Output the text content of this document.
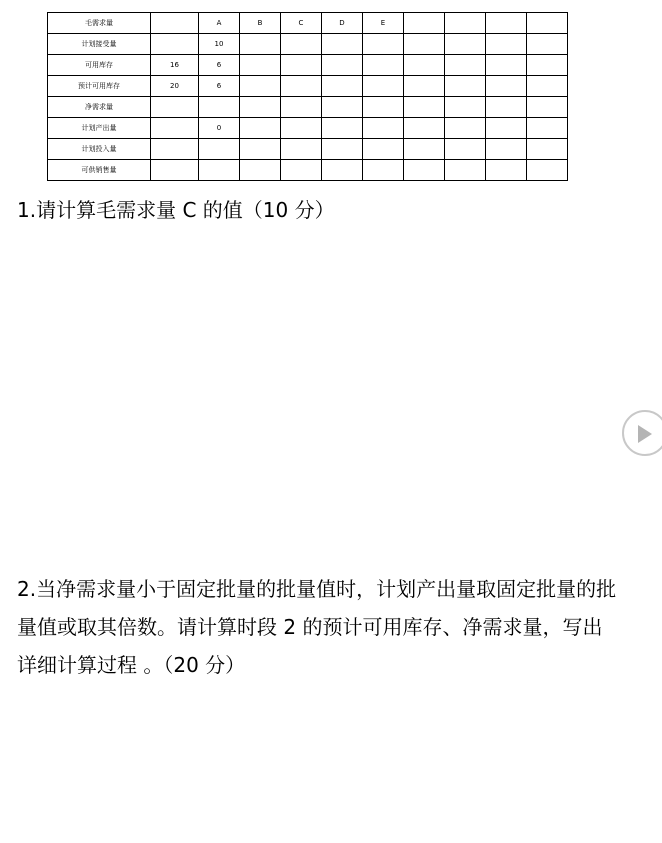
毛需求量		A	B	C	D	E				
计划接受量		10								
可用库存	16	6								
预计可用库存	20	6								
净需求量										
计划产出量		0								
计划投入量										
可供销售量										

1.请计算毛需求量 C 的值（10 分）

2.当净需求量小于固定批量的批量值时，计划产出量取固定批量的批量值或取其倍数。请计算时段 2 的预计可用库存、净需求量，写出详细计算过程 。（20 分）
